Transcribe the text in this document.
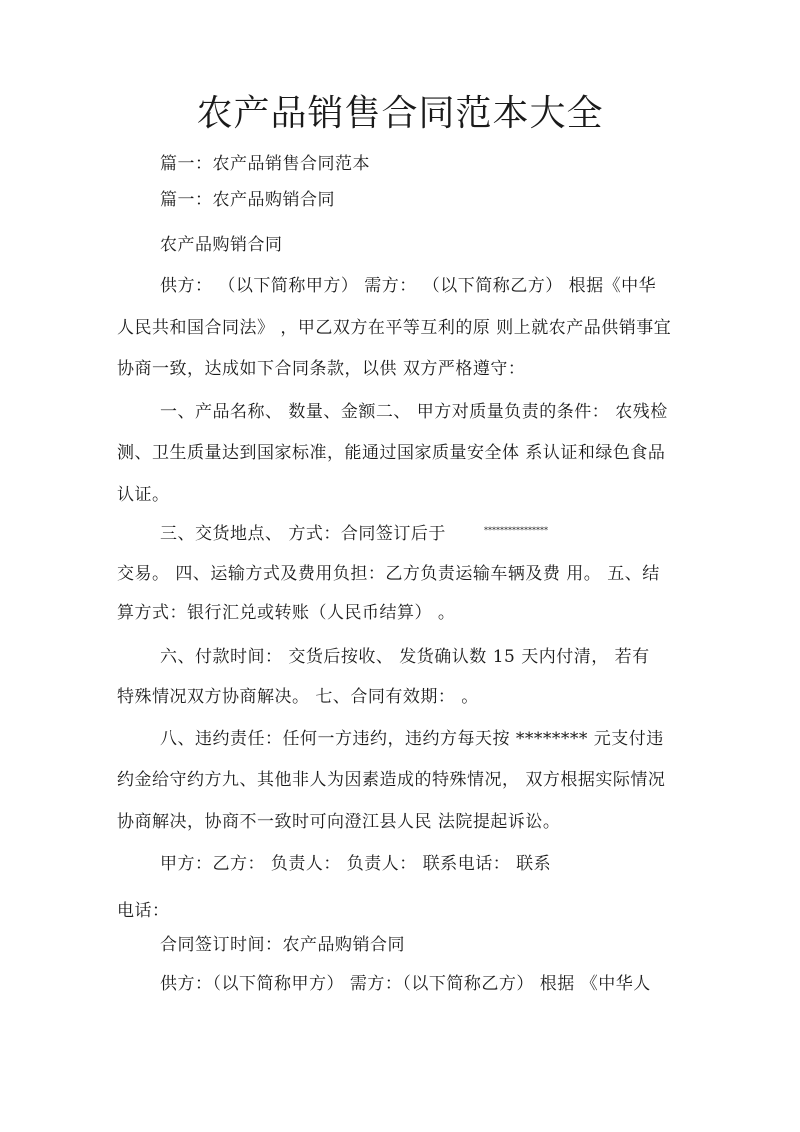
农产品销售合同范本大全
篇一：农产品销售合同范本
篇一：农产品购销合同
农产品购销合同
供方： （以下简称甲方） 需方： （以下简称乙方） 根据《中华
人民共和国合同法》 ，甲乙双方在平等互利的原 则上就农产品供销事宜
协商一致，达成如下合同条款，以供 双方严格遵守：
一、产品名称、 数量、金额二、 甲方对质量负责的条件： 农残检
测、卫生质量达到国家标准，能通过国家质量安全体 系认证和绿色食品
认证。
三、交货地点、 方式：合同签订后于	****************
交易。 四、运输方式及费用负担：乙方负责运输车辆及费 用。 五、结
算方式：银行汇兑或转账（人民币结算） 。
六、付款时间： 交货后按收、 发货确认数 15 天内付清， 若有
特殊情况双方协商解决。 七、合同有效期： 。
八、违约责任：任何一方违约，违约方每天按 ******** 元支付违
约金给守约方九、其他非人为因素造成的特殊情况， 双方根据实际情况
协商解决，协商不一致时可向澄江县人民 法院提起诉讼。
甲方：乙方： 负责人： 负责人： 联系电话： 联系
电话：
合同签订时间：农产品购销合同
供方：（以下简称甲方） 需方：（以下简称乙方） 根据 《中华人
